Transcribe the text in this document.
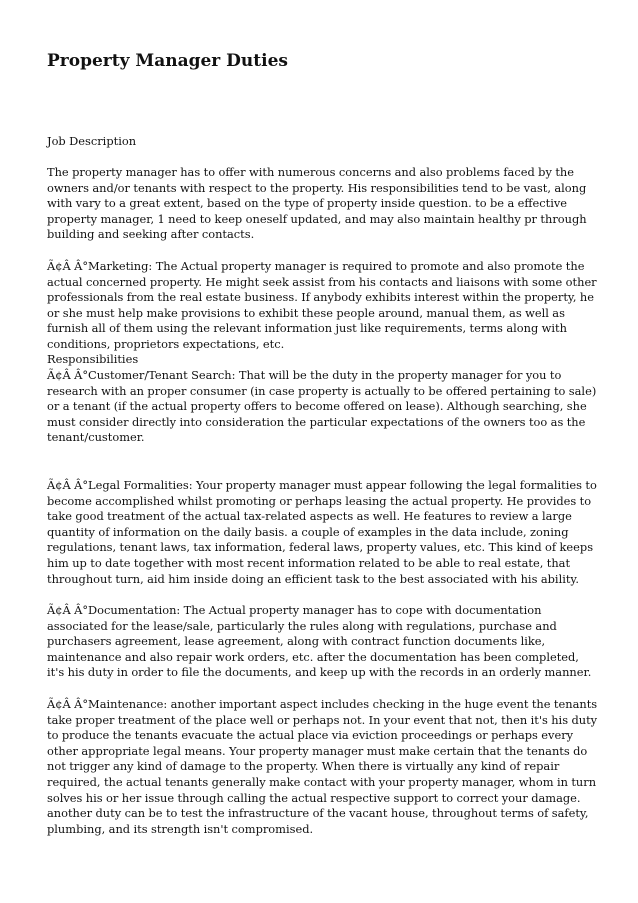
Property Manager Duties

Job Description

The property manager has to offer with numerous concerns and also problems faced by the owners and/or tenants with respect to the property. His responsibilities tend to be vast, along with vary to a great extent, based on the type of property inside question. to be a effective property manager, 1 need to keep oneself updated, and may also maintain healthy pr through building and seeking after contacts.

Ã¢Â Â°Marketing: The Actual property manager is required to promote and also promote the actual concerned property. He might seek assist from his contacts and liaisons with some other professionals from the real estate business. If anybody exhibits interest within the property, he or she must help make provisions to exhibit these people around, manual them, as well as furnish all of them using the relevant information just like requirements, terms along with conditions, proprietors expectations, etc.

Responsibilities

Ã¢Â Â°Customer/Tenant Search: That will be the duty in the property manager for you to research with an proper consumer (in case property is actually to be offered pertaining to sale) or a tenant (if the actual property offers to become offered on lease). Although searching, she must consider directly into consideration the particular expectations of the owners too as the tenant/customer.

Ã¢Â Â°Legal Formalities: Your property manager must appear following the legal formalities to become accomplished whilst promoting or perhaps leasing the actual property. He provides to take good treatment of the actual tax-related aspects as well. He features to review a large quantity of information on the daily basis. a couple of examples in the data include, zoning regulations, tenant laws, tax information, federal laws, property values, etc. This kind of keeps him up to date together with most recent information related to be able to real estate, that throughout turn, aid him inside doing an efficient task to the best associated with his ability.

Ã¢Â Â°Documentation: The Actual property manager has to cope with documentation associated for the lease/sale, particularly the rules along with regulations, purchase and purchasers agreement, lease agreement, along with contract function documents like, maintenance and also repair work orders, etc. after the documentation has been completed, it's his duty in order to file the documents, and keep up with the records in an orderly manner.

Ã¢Â Â°Maintenance: another important aspect includes checking in the huge event the tenants take proper treatment of the place well or perhaps not. In your event that not, then it's his duty to produce the tenants evacuate the actual place via eviction proceedings or perhaps every other appropriate legal means. Your property manager must make certain that the tenants do not trigger any kind of damage to the property. When there is virtually any kind of repair required, the actual tenants generally make contact with your property manager, whom in turn solves his or her issue through calling the actual respective support to correct your damage. another duty can be to test the infrastructure of the vacant house, throughout terms of safety, plumbing, and its strength isn't compromised.
